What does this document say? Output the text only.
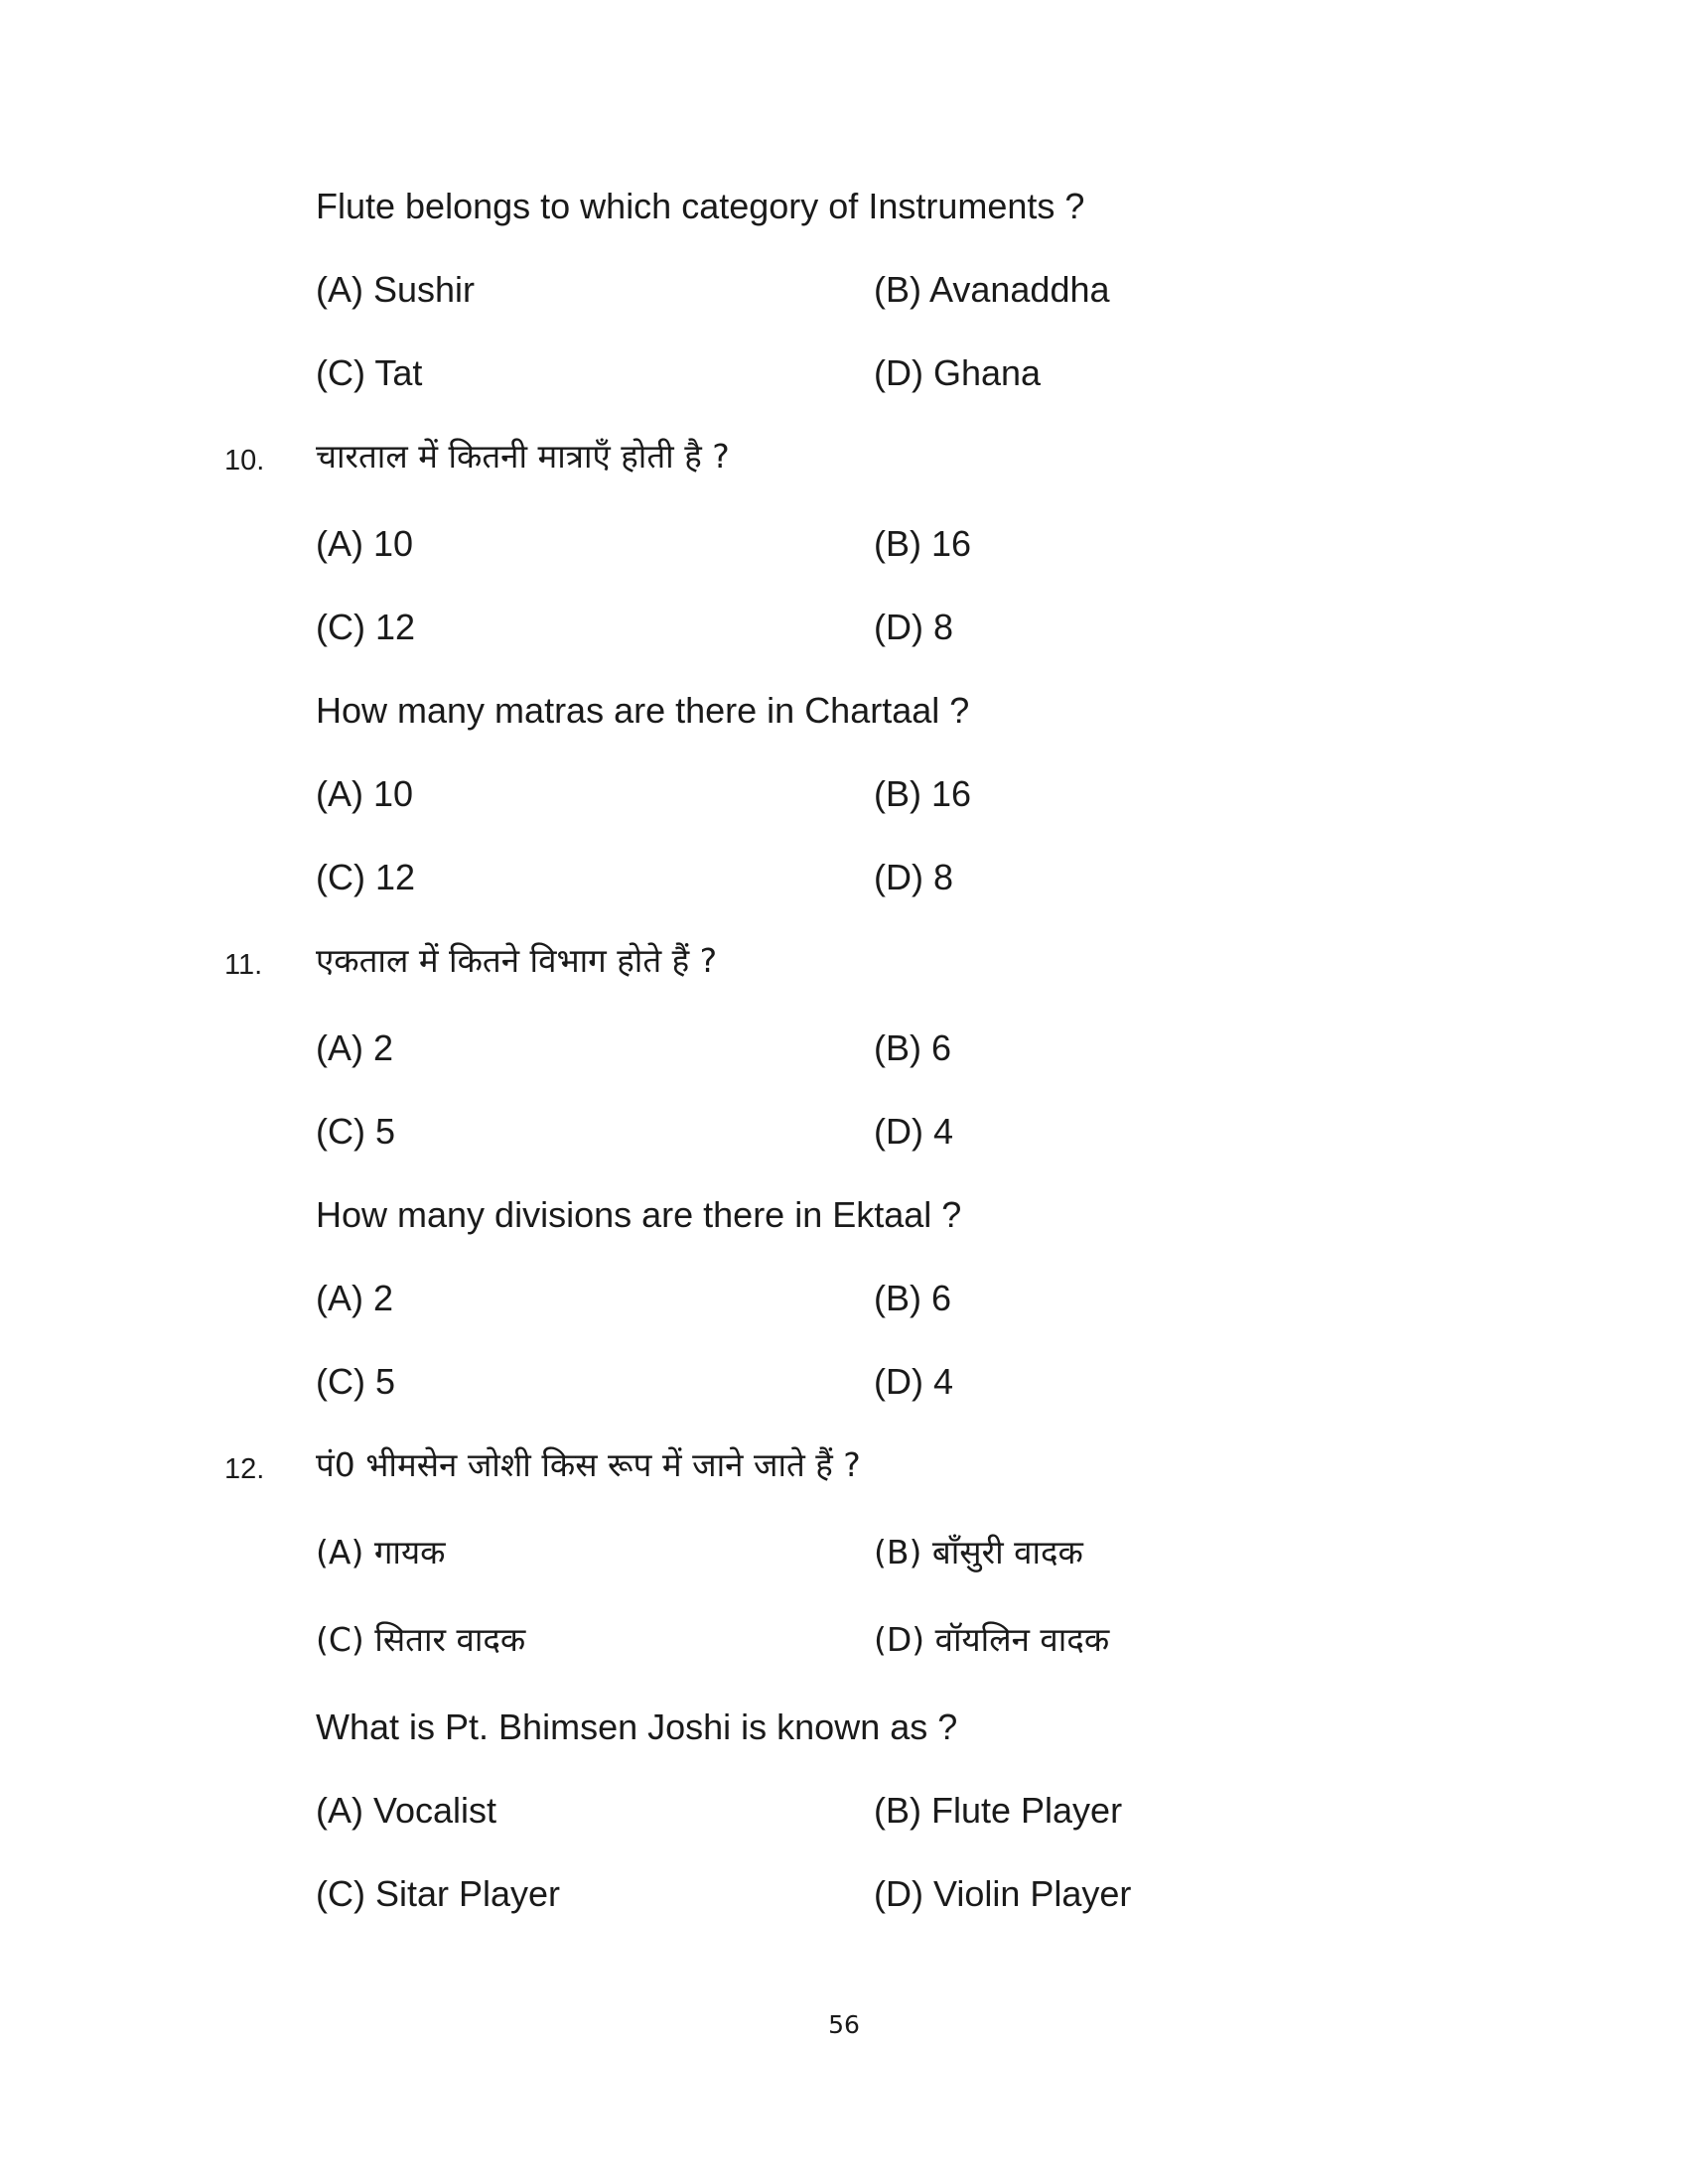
Flute belongs to which category of Instruments ?
(A) Sushir	(B) Avanaddha
(C) Tat	(D) Ghana
10. चारताल में कितनी मात्राएँ होती है ?
(A) 10	(B) 16
(C) 12	(D) 8
How many matras are there in Chartaal ?
(A) 10	(B) 16
(C) 12	(D) 8
11. एकताल में कितने विभाग होते हैं ?
(A) 2	(B) 6
(C) 5	(D) 4
How many divisions are there in Ektaal ?
(A) 2	(B) 6
(C) 5	(D) 4
12. पं0 भीमसेन जोशी किस रूप में जाने जाते हैं ?
(A) गायक	(B) बाँसुरी वादक
(C) सितार वादक	(D) वॉयलिन वादक
What is Pt. Bhimsen Joshi is known as ?
(A) Vocalist	(B) Flute Player
(C) Sitar Player	(D) Violin Player
56
